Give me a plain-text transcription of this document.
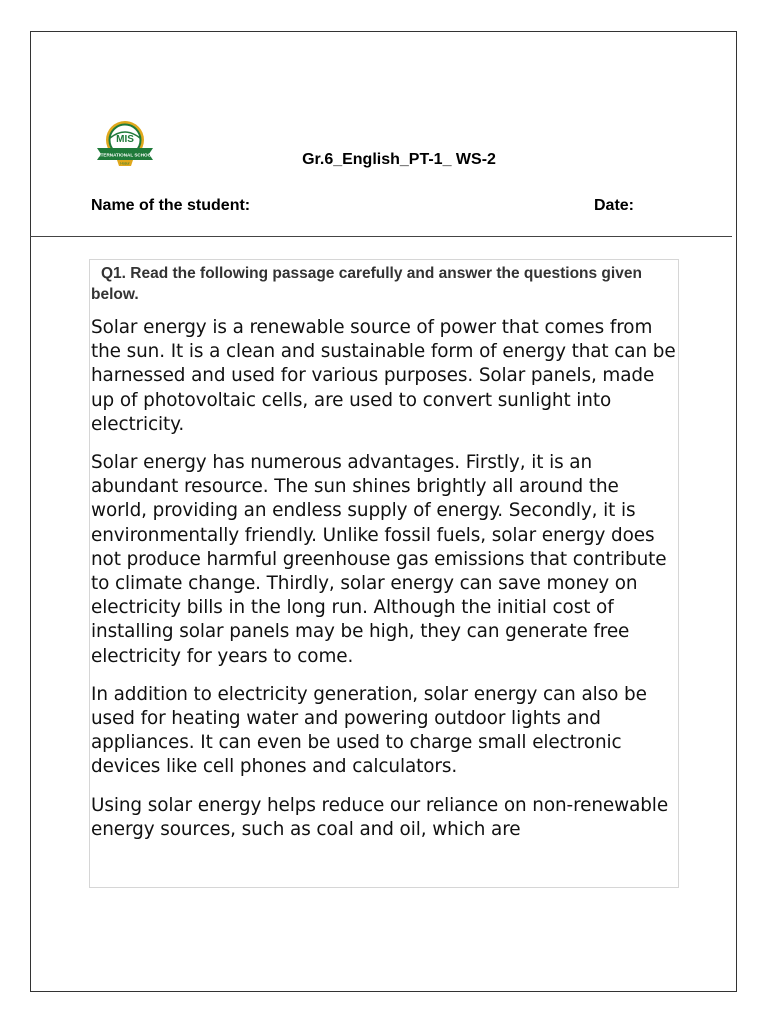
MIS
INTERNATIONAL SCHOOL
Hosur	Gr.6_English_PT-1_ WS-2
Name of the student:	Date:
Q1. Read the following passage carefully and answer the questions given below.

Solar energy is a renewable source of power that comes from the sun. It is a clean and sustainable form of energy that can be harnessed and used for various purposes. Solar panels, made up of photovoltaic cells, are used to convert sunlight into electricity.

Solar energy has numerous advantages. Firstly, it is an abundant resource. The sun shines brightly all around the world, providing an endless supply of energy. Secondly, it is environmentally friendly. Unlike fossil fuels, solar energy does not produce harmful greenhouse gas emissions that contribute to climate change. Thirdly, solar energy can save money on electricity bills in the long run. Although the initial cost of installing solar panels may be high, they can generate free electricity for years to come.

In addition to electricity generation, solar energy can also be used for heating water and powering outdoor lights and appliances. It can even be used to charge small electronic devices like cell phones and calculators.

Using solar energy helps reduce our reliance on non-renewable energy sources, such as coal and oil, which are
